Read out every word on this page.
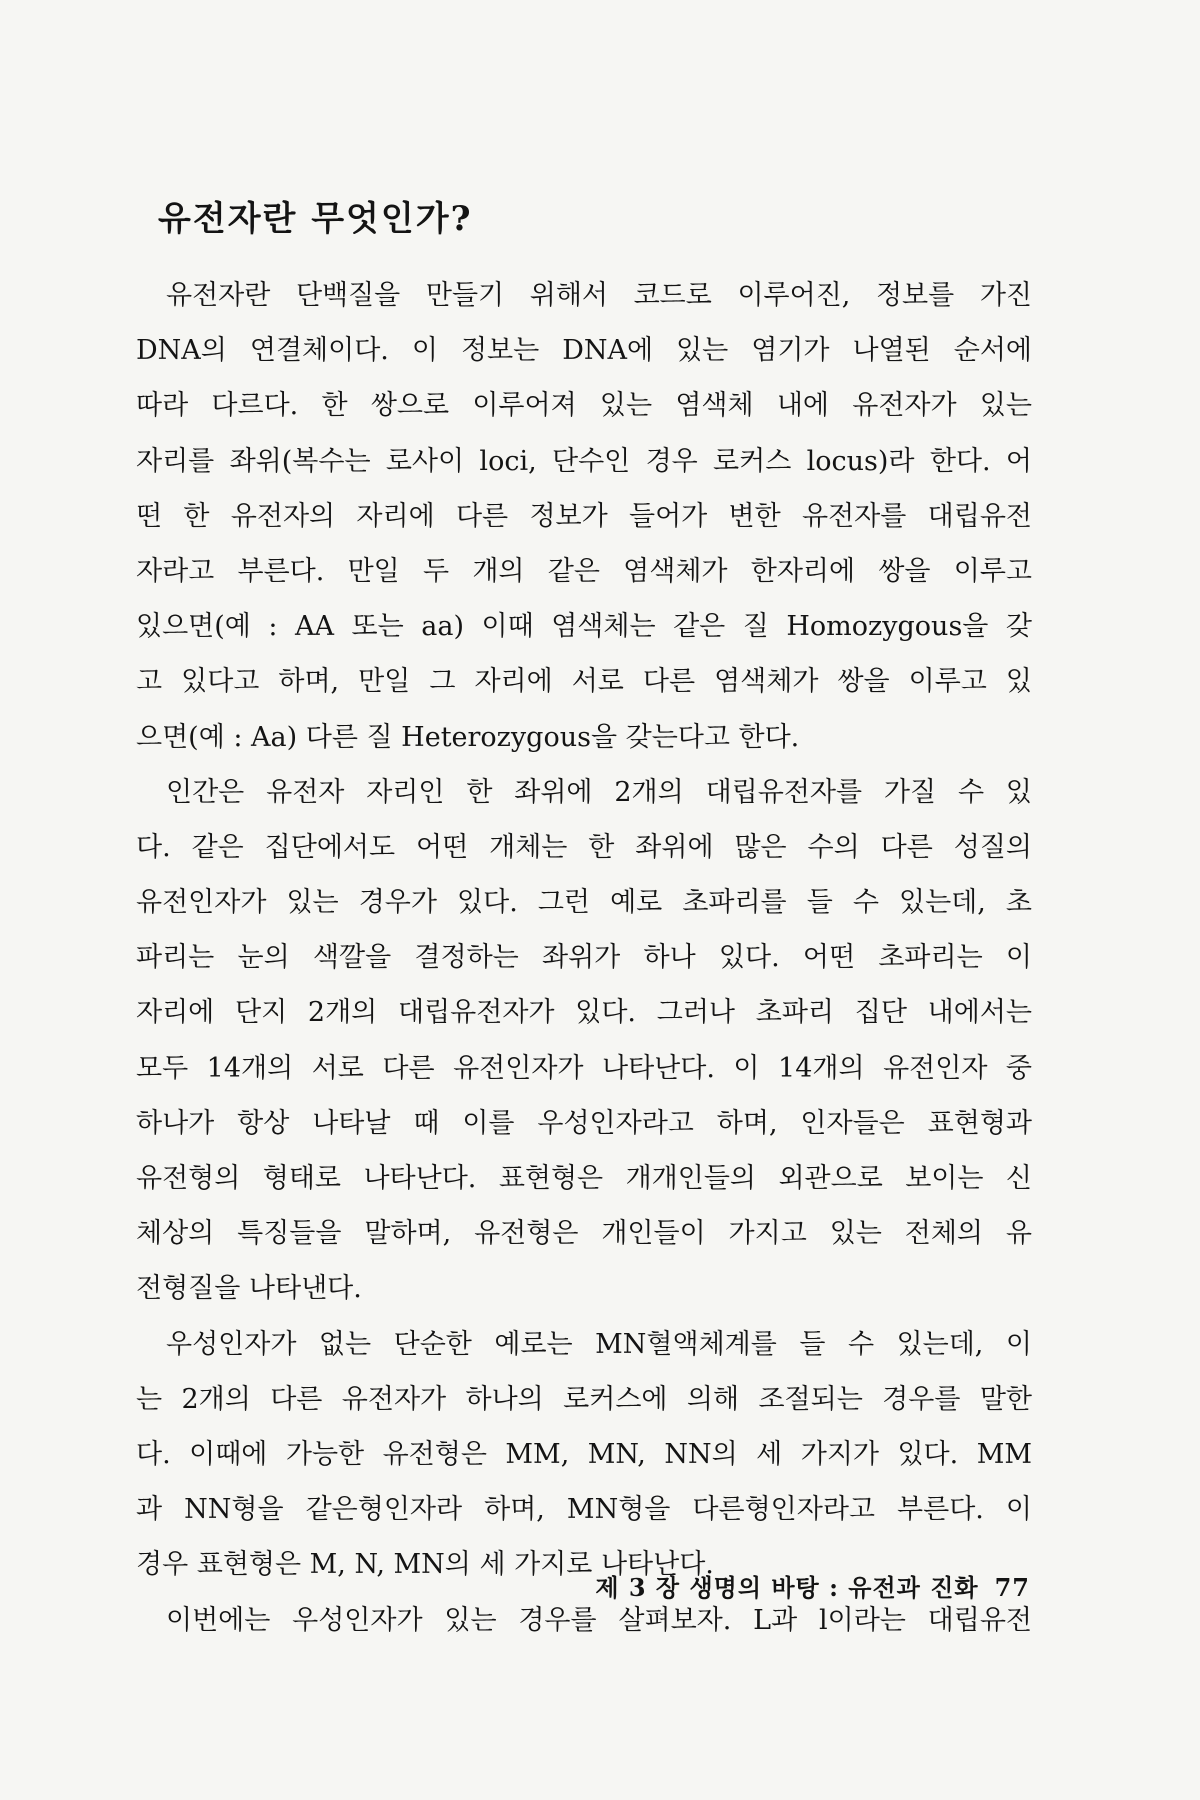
유전자란 무엇인가?
유전자란 단백질을 만들기 위해서 코드로 이루어진, 정보를 가진
DNA의 연결체이다. 이 정보는 DNA에 있는 염기가 나열된 순서에
따라 다르다. 한 쌍으로 이루어져 있는 염색체 내에 유전자가 있는
자리를 좌위(복수는 로사이 loci, 단수인 경우 로커스 locus)라 한다. 어
떤 한 유전자의 자리에 다른 정보가 들어가 변한 유전자를 대립유전
자라고 부른다. 만일 두 개의 같은 염색체가 한자리에 쌍을 이루고
있으면(예 : AA 또는 aa) 이때 염색체는 같은 질 Homozygous을 갖
고 있다고 하며, 만일 그 자리에 서로 다른 염색체가 쌍을 이루고 있
으면(예 : Aa) 다른 질 Heterozygous을 갖는다고 한다.
인간은 유전자 자리인 한 좌위에 2개의 대립유전자를 가질 수 있
다. 같은 집단에서도 어떤 개체는 한 좌위에 많은 수의 다른 성질의
유전인자가 있는 경우가 있다. 그런 예로 초파리를 들 수 있는데, 초
파리는 눈의 색깔을 결정하는 좌위가 하나 있다. 어떤 초파리는 이
자리에 단지 2개의 대립유전자가 있다. 그러나 초파리 집단 내에서는
모두 14개의 서로 다른 유전인자가 나타난다. 이 14개의 유전인자 중
하나가 항상 나타날 때 이를 우성인자라고 하며, 인자들은 표현형과
유전형의 형태로 나타난다. 표현형은 개개인들의 외관으로 보이는 신
체상의 특징들을 말하며, 유전형은 개인들이 가지고 있는 전체의 유
전형질을 나타낸다.
우성인자가 없는 단순한 예로는 MN혈액체계를 들 수 있는데, 이
는 2개의 다른 유전자가 하나의 로커스에 의해 조절되는 경우를 말한
다. 이때에 가능한 유전형은 MM, MN, NN의 세 가지가 있다. MM
과 NN형을 같은형인자라 하며, MN형을 다른형인자라고 부른다. 이
경우 표현형은 M, N, MN의 세 가지로 나타난다.
이번에는 우성인자가 있는 경우를 살펴보자. L과 l이라는 대립유전
제 3 장 생명의 바탕 : 유전과 진화 77
